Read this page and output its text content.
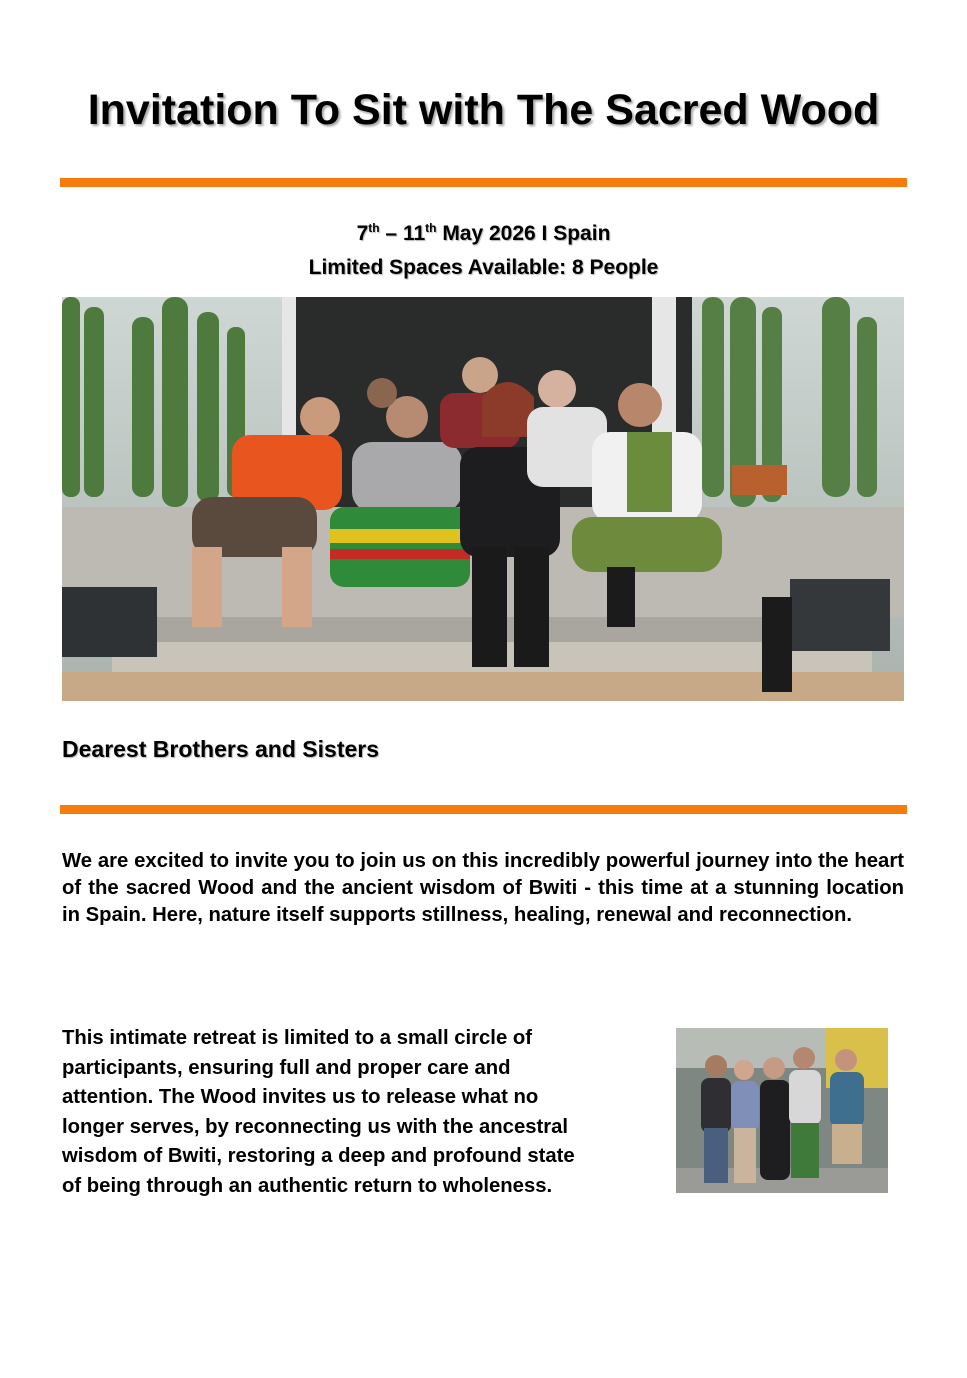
Invitation To Sit with The Sacred Wood
7th – 11th May 2026 I Spain
Limited Spaces Available: 8 People
Dearest Brothers and Sisters
We are excited to invite you to join us on this incredibly powerful journey into the heart of the sacred Wood and the ancient wisdom of Bwiti - this time at a stunning location in Spain. Here, nature itself supports stillness, healing, renewal and reconnection.
This intimate retreat is limited to a small circle of
participants, ensuring full and proper care and
attention. The Wood invites us to release what no
longer serves, by reconnecting us with the ancestral
wisdom of Bwiti, restoring a deep and profound state
of being through an authentic return to wholeness.
